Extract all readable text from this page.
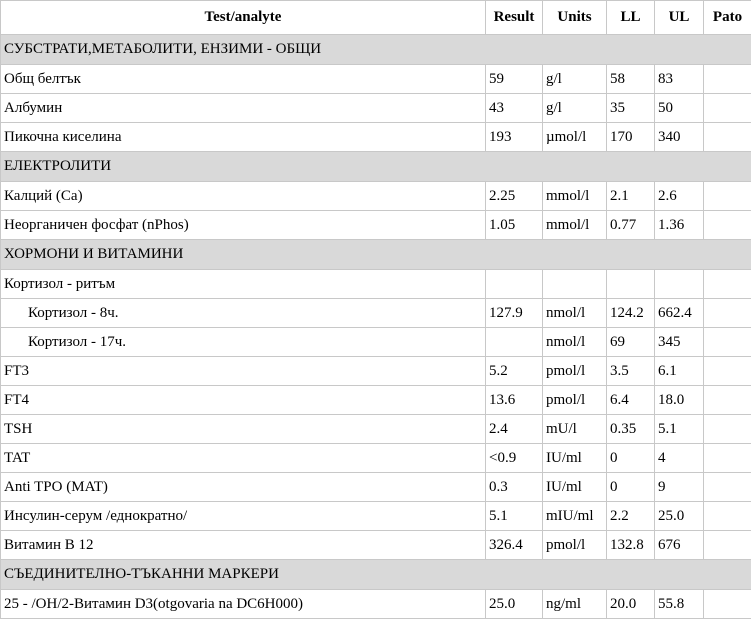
Test/analyte	Result	Units	LL	UL	Pato
СУБСТРАТИ,МЕТАБОЛИТИ, ЕНЗИМИ - ОБЩИ					
Общ белтък	59	g/l	58	83	
Албумин	43	g/l	35	50	
Пикочна киселина	193	µmol/l	170	340	
ЕЛЕКТРОЛИТИ					
Калций (Ca)	2.25	mmol/l	2.1	2.6	
Неорганичен фосфат (nPhos)	1.05	mmol/l	0.77	1.36	
ХОРМОНИ И ВИТАМИНИ					
Кортизол - ритъм					
Кортизол - 8ч.	127.9	nmol/l	124.2	662.4	
Кортизол - 17ч.		nmol/l	69	345	
FT3	5.2	pmol/l	3.5	6.1	
FT4	13.6	pmol/l	6.4	18.0	
TSH	2.4	mU/l	0.35	5.1	
TAT	<0.9	IU/ml	0	4	
Anti TPO (MAT)	0.3	IU/ml	0	9	
Инсулин-серум /еднократно/	5.1	mIU/ml	2.2	25.0	
Витамин B 12	326.4	pmol/l	132.8	676	
СЪЕДИНИТЕЛНО-ТЪКАННИ МАРКЕРИ					
25 - /OH/2-Витамин D3(otgovaria na DC6H000)	25.0	ng/ml	20.0	55.8	
